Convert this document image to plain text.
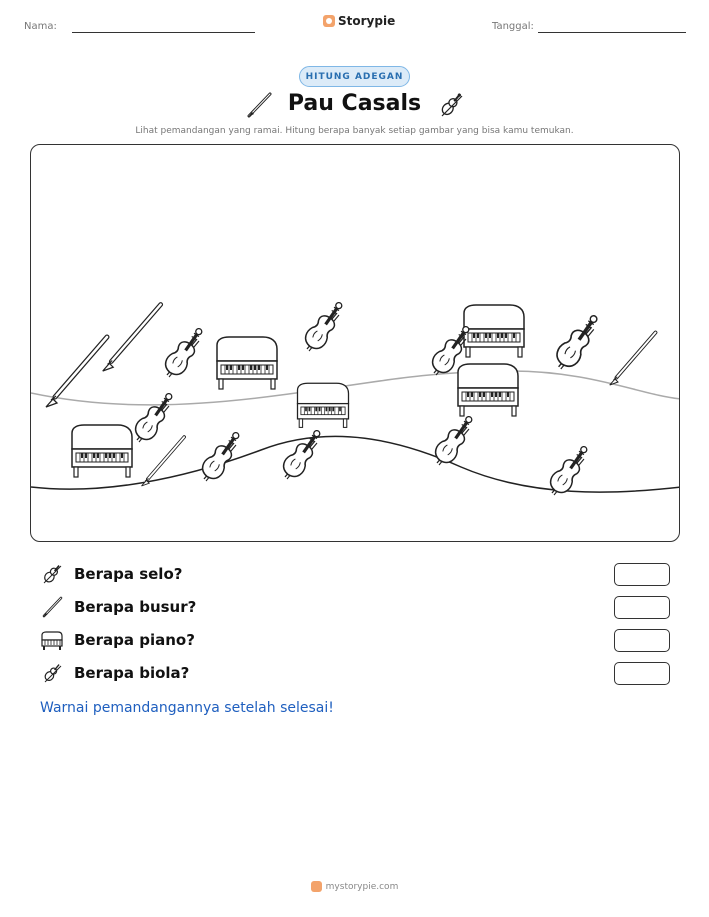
Nama:	Storypie	Tanggal:
HITUNG ADEGAN
Pau Casals
Lihat pemandangan yang ramai. Hitung berapa banyak setiap gambar yang bisa kamu temukan.
Berapa selo?
Berapa busur?
Berapa piano?
Berapa biola?
Warnai pemandangannya setelah selesai!
mystorypie.com
